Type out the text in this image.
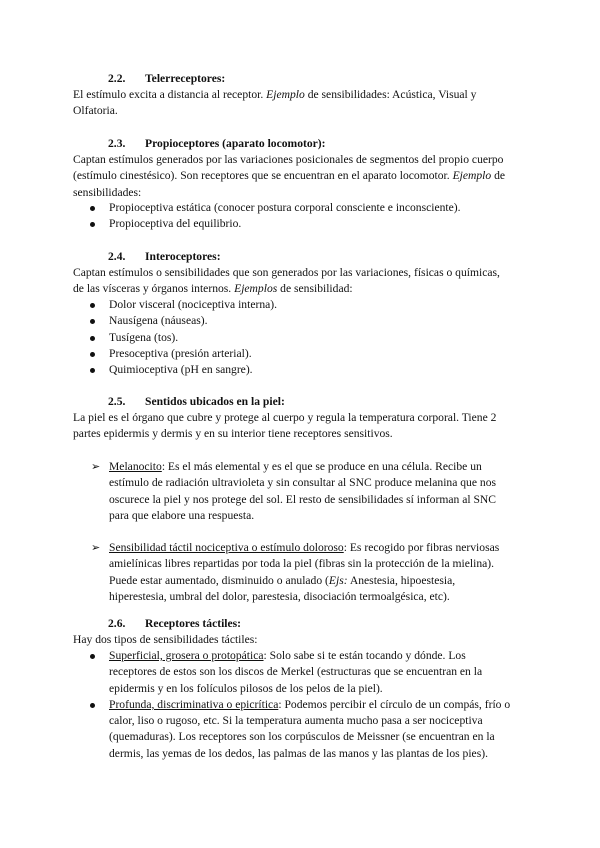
2.2. Telerreceptores:
El estímulo excita a distancia al receptor. Ejemplo de sensibilidades: Acústica, Visual y
Olfatoria.
2.3. Propioceptores (aparato locomotor):
Captan estímulos generados por las variaciones posicionales de segmentos del propio cuerpo
(estímulo cinestésico). Son receptores que se encuentran en el aparato locomotor. Ejemplo de
sensibilidades:
Propioceptiva estática (conocer postura corporal consciente e inconsciente).
Propioceptiva del equilibrio.
2.4. Interoceptores:
Captan estímulos o sensibilidades que son generados por las variaciones, físicas o químicas,
de las vísceras y órganos internos. Ejemplos de sensibilidad:
Dolor visceral (nociceptiva interna).
Nausígena (náuseas).
Tusígena (tos).
Presoceptiva (presión arterial).
Quimioceptiva (pH en sangre).
2.5. Sentidos ubicados en la piel:
La piel es el órgano que cubre y protege al cuerpo y regula la temperatura corporal. Tiene 2
partes epidermis y dermis y en su interior tiene receptores sensitivos.
➢ Melanocito: Es el más elemental y es el que se produce en una célula. Recibe un
estímulo de radiación ultravioleta y sin consultar al SNC produce melanina que nos
oscurece la piel y nos protege del sol. El resto de sensibilidades sí informan al SNC
para que elabore una respuesta.
➢ Sensibilidad táctil nociceptiva o estímulo doloroso: Es recogido por fibras nerviosas
amielínicas libres repartidas por toda la piel (fibras sin la protección de la mielina).
Puede estar aumentado, disminuido o anulado (Ejs: Anestesia, hipoestesia,
hiperestesia, umbral del dolor, parestesia, disociación termoalgésica, etc).
2.6. Receptores táctiles:
Hay dos tipos de sensibilidades táctiles:
Superficial, grosera o protopática: Solo sabe si te están tocando y dónde. Los
receptores de estos son los discos de Merkel (estructuras que se encuentran en la
epidermis y en los folículos pilosos de los pelos de la piel).
Profunda, discriminativa o epicrítica: Podemos percibir el círculo de un compás, frío o
calor, liso o rugoso, etc. Si la temperatura aumenta mucho pasa a ser nociceptiva
(quemaduras). Los receptores son los corpúsculos de Meissner (se encuentran en la
dermis, las yemas de los dedos, las palmas de las manos y las plantas de los pies).
